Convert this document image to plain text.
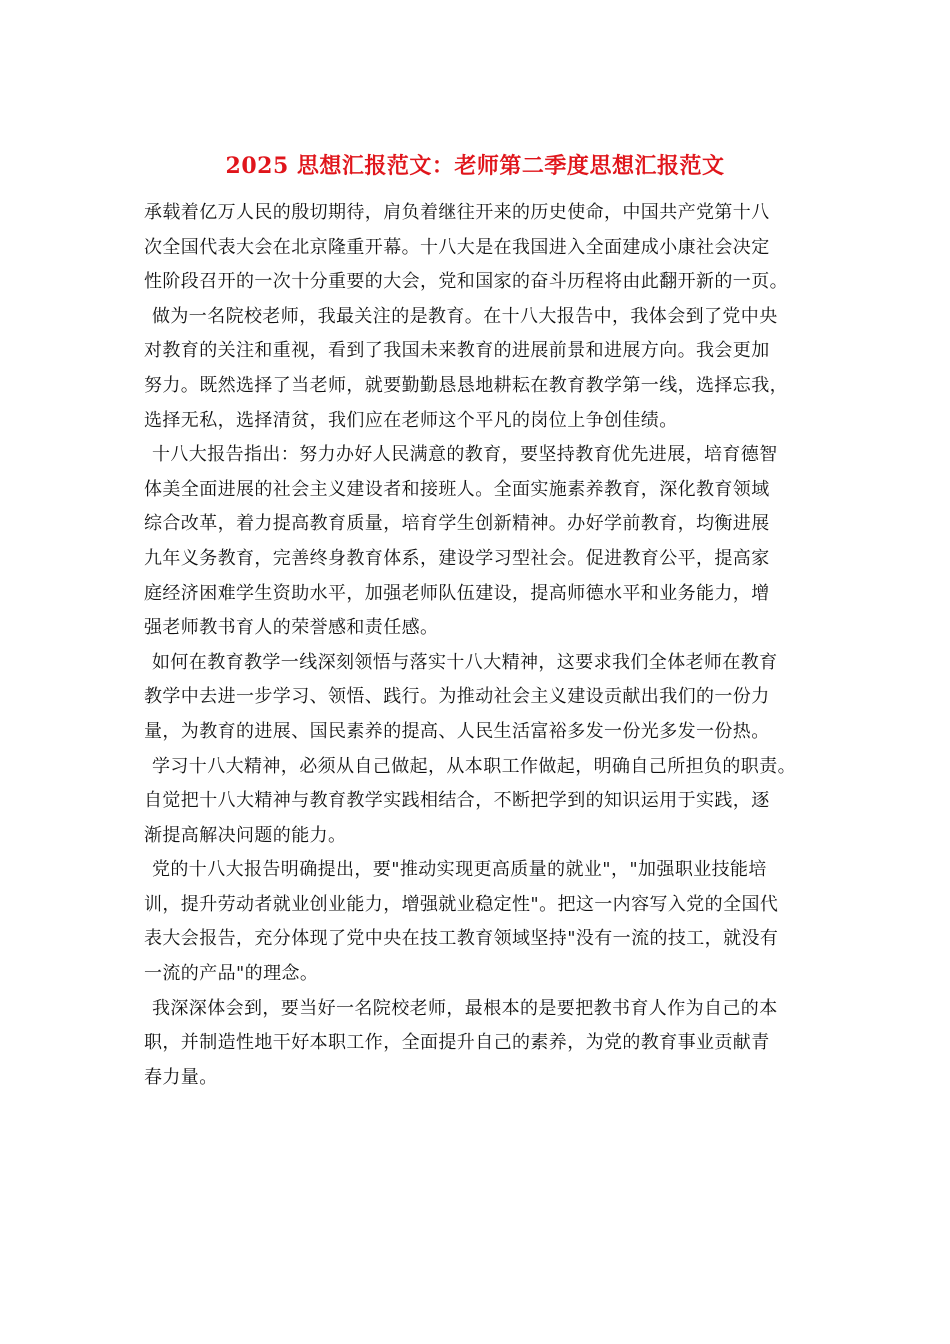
2025 思想汇报范文：老师第二季度思想汇报范文
承载着亿万人民的殷切期待，肩负着继往开来的历史使命，中国共产党第十八
次全国代表大会在北京隆重开幕。十八大是在我国进入全面建成小康社会决定
性阶段召开的一次十分重要的大会，党和国家的奋斗历程将由此翻开新的一页。
做为一名院校老师，我最关注的是教育。在十八大报告中，我体会到了党中央
对教育的关注和重视，看到了我国未来教育的进展前景和进展方向。我会更加
努力。既然选择了当老师，就要勤勤恳恳地耕耘在教育教学第一线，选择忘我，
选择无私，选择清贫，我们应在老师这个平凡的岗位上争创佳绩。
十八大报告指出：努力办好人民满意的教育，要坚持教育优先进展，培育德智
体美全面进展的社会主义建设者和接班人。全面实施素养教育，深化教育领域
综合改革，着力提高教育质量，培育学生创新精神。办好学前教育，均衡进展
九年义务教育，完善终身教育体系，建设学习型社会。促进教育公平，提高家
庭经济困难学生资助水平，加强老师队伍建设，提高师德水平和业务能力，增
强老师教书育人的荣誉感和责任感。
如何在教育教学一线深刻领悟与落实十八大精神，这要求我们全体老师在教育
教学中去进一步学习、领悟、践行。为推动社会主义建设贡献出我们的一份力
量，为教育的进展、国民素养的提高、人民生活富裕多发一份光多发一份热。
学习十八大精神，必须从自己做起，从本职工作做起，明确自己所担负的职责。
自觉把十八大精神与教育教学实践相结合，不断把学到的知识运用于实践，逐
渐提高解决问题的能力。
党的十八大报告明确提出，要"推动实现更高质量的就业"，"加强职业技能培
训，提升劳动者就业创业能力，增强就业稳定性"。把这一内容写入党的全国代
表大会报告，充分体现了党中央在技工教育领域坚持"没有一流的技工，就没有
一流的产品"的理念。
我深深体会到，要当好一名院校老师，最根本的是要把教书育人作为自己的本
职，并制造性地干好本职工作，全面提升自己的素养，为党的教育事业贡献青
春力量。
